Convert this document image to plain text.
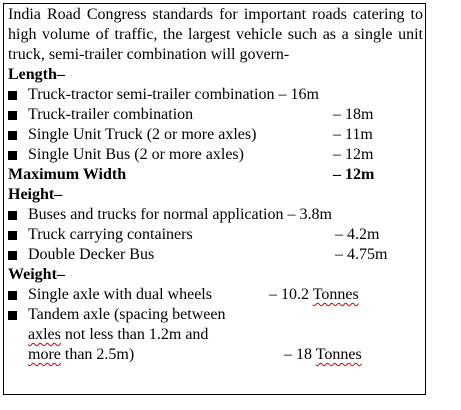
India Road Congress standards for important roads catering to high volume of traffic, the largest vehicle such as a single unit truck, semi-trailer combination will govern-

Length–
Truck-tractor semi-trailer combination – 16m
Truck-trailer combination	– 18m
Single Unit Truck (2 or more axles)	– 11m
Single Unit Bus (2 or more axles)	– 12m
Maximum Width	– 12m
Height–
Buses and trucks for normal application – 3.8m
Truck carrying containers	– 4.2m
Double Decker Bus	– 4.75m
Weight–
Single axle with dual wheels	– 10.2 Tonnes
Tandem axle (spacing between
axles not less than 1.2m and
more than 2.5m)	– 18 Tonnes
